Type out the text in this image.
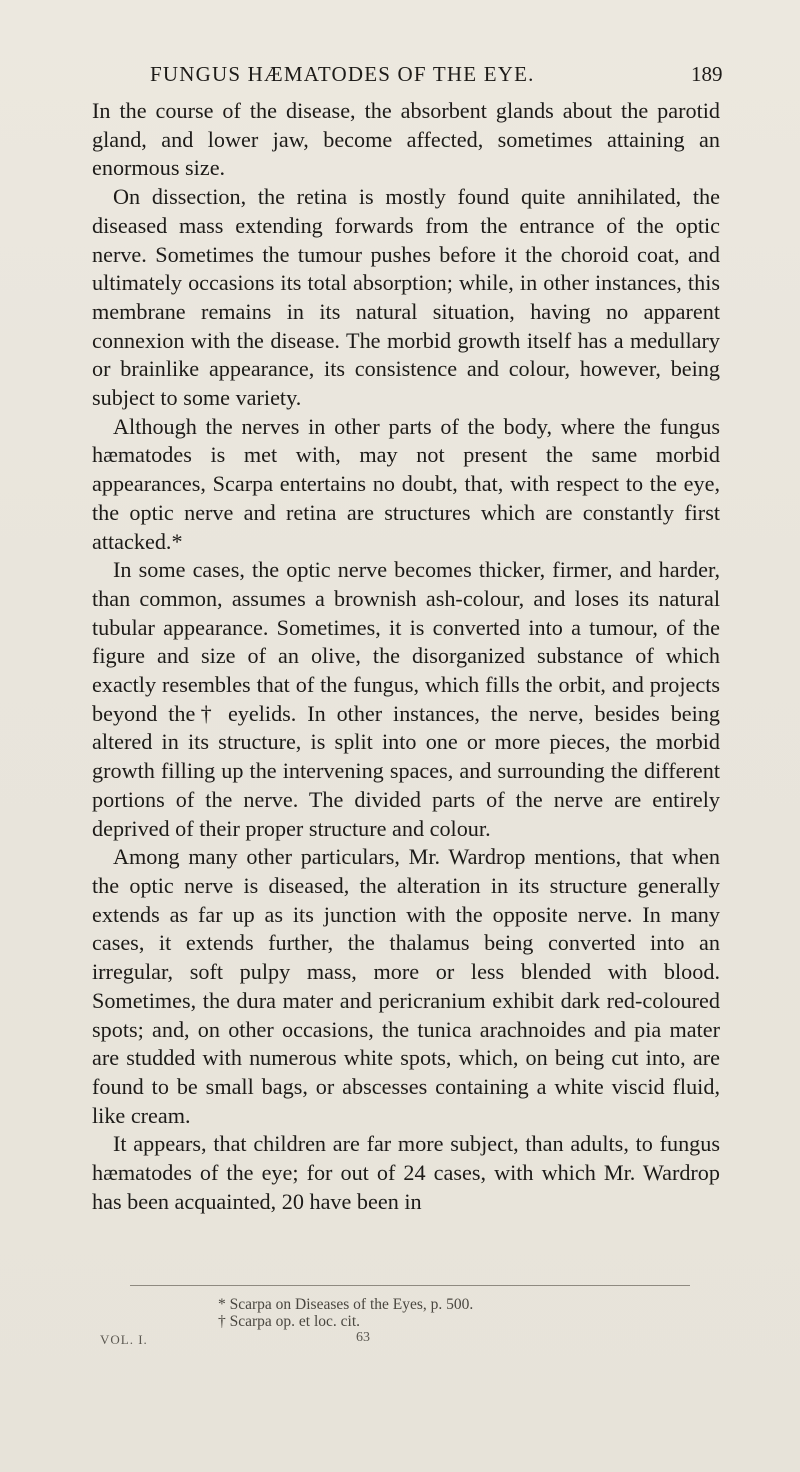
FUNGUS HÆMATODES OF THE EYE.	189

In the course of the disease, the absorbent glands about the parotid gland, and lower jaw, become affected, sometimes attaining an enormous size.

On dissection, the retina is mostly found quite annihilated, the diseased mass extending forwards from the entrance of the optic nerve. Sometimes the tumour pushes before it the choroid coat, and ultimately occasions its total absorption; while, in other instances, this membrane remains in its natural situation, having no apparent connexion with the disease. The morbid growth itself has a medullary or brainlike appearance, its consistence and colour, however, being subject to some variety.

Although the nerves in other parts of the body, where the fungus hæmatodes is met with, may not present the same morbid appearances, Scarpa entertains no doubt, that, with respect to the eye, the optic nerve and retina are structures which are constantly first attacked.*

In some cases, the optic nerve becomes thicker, firmer, and harder, than common, assumes a brownish ash-colour, and loses its natural tubular appearance. Sometimes, it is converted into a tumour, of the figure and size of an olive, the disorganized substance of which exactly resembles that of the fungus, which fills the orbit, and projects beyond the† eyelids. In other instances, the nerve, besides being altered in its structure, is split into one or more pieces, the morbid growth filling up the intervening spaces, and surrounding the different portions of the nerve. The divided parts of the nerve are entirely deprived of their proper structure and colour.

Among many other particulars, Mr. Wardrop mentions, that when the optic nerve is diseased, the alteration in its structure generally extends as far up as its junction with the opposite nerve. In many cases, it extends further, the thalamus being converted into an irregular, soft pulpy mass, more or less blended with blood. Sometimes, the dura mater and pericranium exhibit dark red-coloured spots; and, on other occasions, the tunica arachnoides and pia mater are studded with numerous white spots, which, on being cut into, are found to be small bags, or abscesses containing a white viscid fluid, like cream.

It appears, that children are far more subject, than adults, to fungus hæmatodes of the eye; for out of 24 cases, with which Mr. Wardrop has been acquainted, 20 have been in

* Scarpa on Diseases of the Eyes, p. 500.
† Scarpa op. et loc. cit.
VOL. I.	63
